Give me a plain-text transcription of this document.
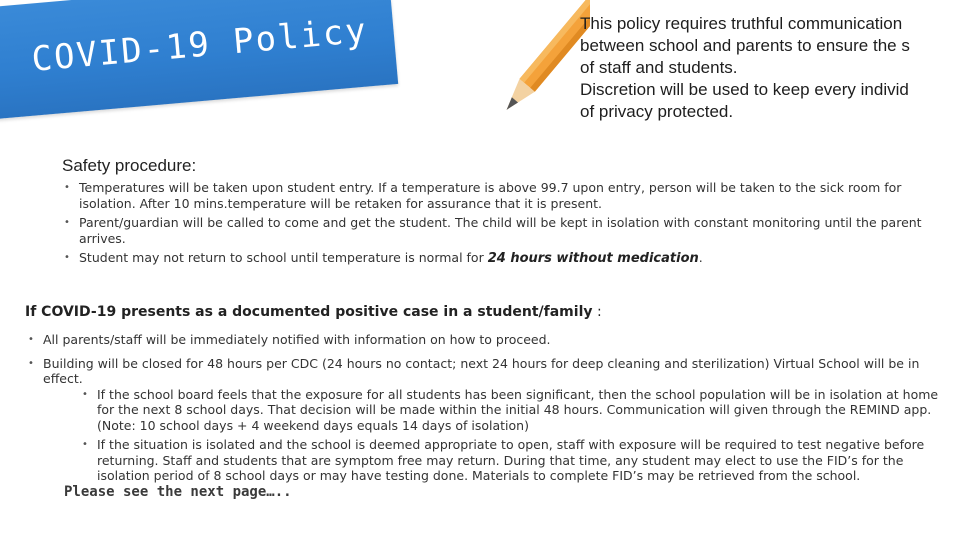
COVID-19 Policy	This policy requires truthful communication
between school and parents to ensure the s
of staff and students.
Discretion will be used to keep every individ
of privacy protected.
Safety procedure:
• Temperatures will be taken upon student entry. If a temperature is above 99.7 upon entry, person will be taken to the sick room for isolation. After 10 mins.temperature will be retaken for assurance that it is present.
• Parent/guardian will be called to come and get the student. The child will be kept in isolation with constant monitoring until the parent arrives.
• Student may not return to school until temperature is normal for 24 hours without medication.
If COVID-19 presents as a documented positive case in a student/family :
• All parents/staff will be immediately notified with information on how to proceed.
• Building will be closed for 48 hours per CDC (24 hours no contact; next 24 hours for deep cleaning and sterilization) Virtual School will be in effect.
• If the school board feels that the exposure for all students has been significant, then the school population will be in isolation at home for the next 8 school days. That decision will be made within the initial 48 hours. Communication will given through the REMIND app. (Note: 10 school days + 4 weekend days equals 14 days of isolation)
• If the situation is isolated and the school is deemed appropriate to open, staff with exposure will be required to test negative before returning. Staff and students that are symptom free may return. During that time, any student may elect to use the FID’s for the isolation period of 8 school days or may have testing done. Materials to complete FID’s may be retrieved from the school.
Please see the next page…..
